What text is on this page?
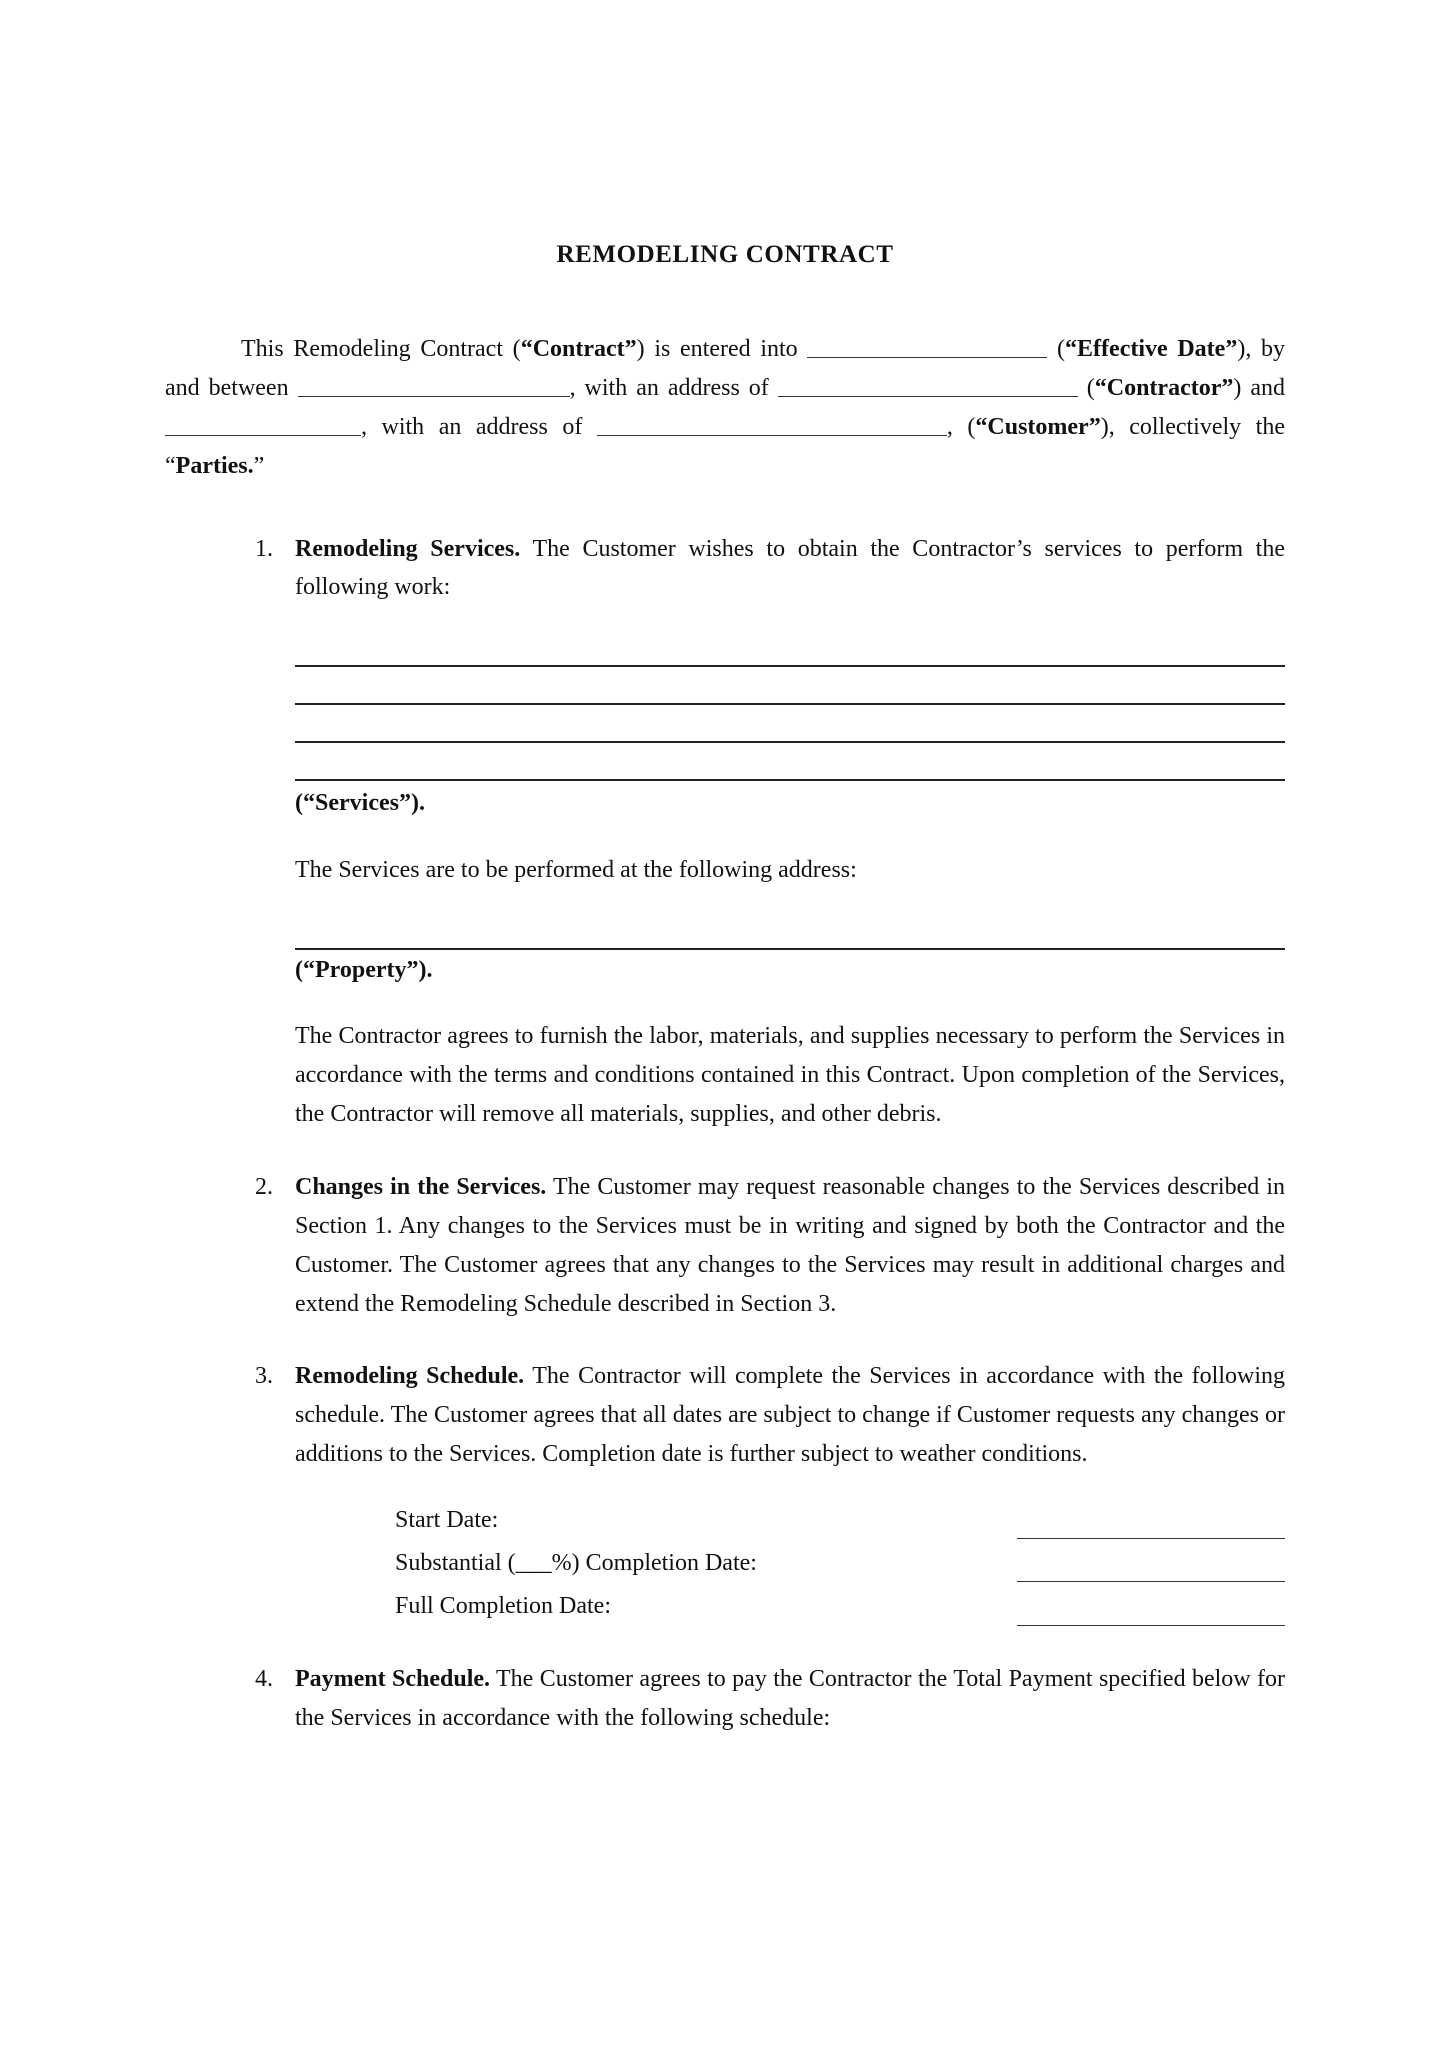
REMODELING CONTRACT

This Remodeling Contract (“Contract”) is entered into	(“Effective Date”), by and between	, with an address of	(“Contractor”) and , with an address of	, (“Customer”), collectively the “Parties.”

Remodeling Services. The Customer wishes to obtain the Contractor’s services to perform the following work:

(“Services”).

The Services are to be performed at the following address:

(“Property”).

The Contractor agrees to furnish the labor, materials, and supplies necessary to perform the Services in accordance with the terms and conditions contained in this Contract. Upon completion of the Services, the Contractor will remove all materials, supplies, and other debris.

Changes in the Services. The Customer may request reasonable changes to the Services described in Section 1. Any changes to the Services must be in writing and signed by both the Contractor and the Customer. The Customer agrees that any changes to the Services may result in additional charges and extend the Remodeling Schedule described in Section 3.

Remodeling Schedule. The Contractor will complete the Services in accordance with the following schedule. The Customer agrees that all dates are subject to change if Customer requests any changes or additions to the Services. Completion date is further subject to weather conditions.

Start Date:
Substantial (___%) Completion Date:
Full Completion Date:

Payment Schedule. The Customer agrees to pay the Contractor the Total Payment specified below for the Services in accordance with the following schedule:
